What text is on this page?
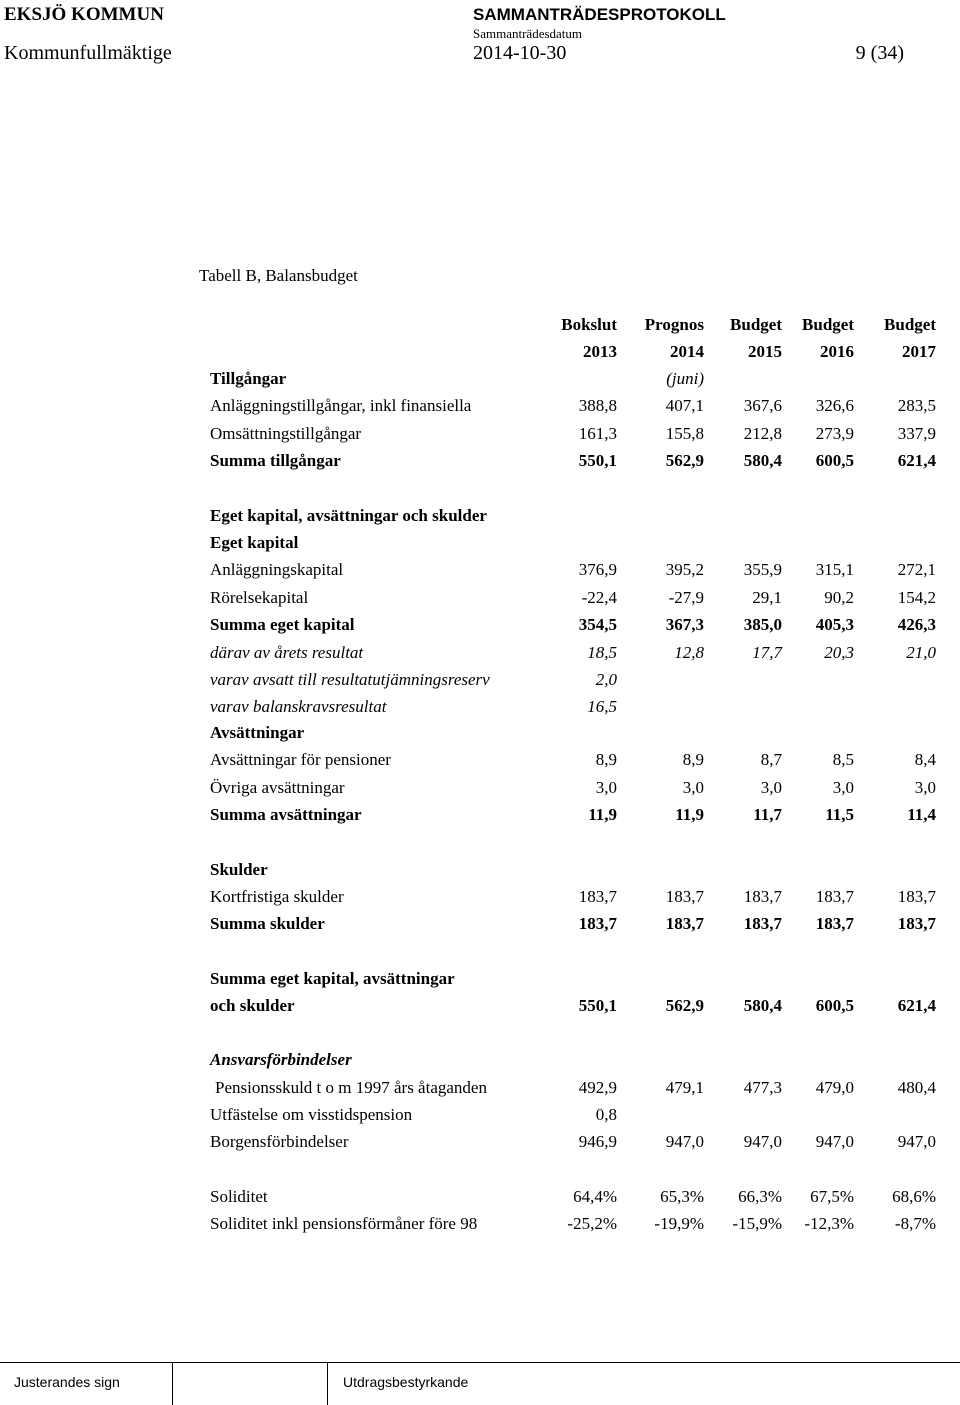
EKSJÖ KOMMUN	SAMMANTRÄDESPROTOKOLL
Sammanträdesdatum
Kommunfullmäktige	2014-10-30	9 (34)
Tabell B, Balansbudget
Bokslut Prognos Budget Budget Budget
2013	2014	2015 2016	2017
Tillgångar	(juni)
Anläggningstillgångar, inkl finansiella	388,8	407,1 367,6 326,6	283,5
Omsättningstillgångar	161,3	155,8 212,8 273,9	337,9
Summa tillgångar	550,1	562,9 580,4 600,5	621,4
Eget kapital, avsättningar och skulder
Eget kapital
Anläggningskapital	376,9	395,2 355,9 315,1	272,1
Rörelsekapital	-22,4	-27,9	29,1 90,2	154,2
Summa eget kapital	354,5	367,3 385,0 405,3	426,3
därav av årets resultat	18,5	12,8	17,7 20,3	21,0
varav avsatt till resultatutjämningsreserv	2,0
varav balanskravsresultat	16,5
Avsättningar
Avsättningar för pensioner	8,9	8,9	8,7	8,5	8,4
Övriga avsättningar	3,0	3,0	3,0	3,0	3,0
Summa avsättningar	11,9	11,9	11,7	11,5	11,4
Skulder
Kortfristiga skulder	183,7	183,7 183,7 183,7	183,7
Summa skulder	183,7	183,7 183,7 183,7	183,7
Summa eget kapital, avsättningar
och skulder	550,1	562,9 580,4 600,5	621,4
Ansvarsförbindelser
Pensionsskuld t o m 1997 års åtaganden	492,9	479,1 477,3 479,0	480,4
Utfästelse om visstidspension	0,8
Borgensförbindelser	946,9	947,0 947,0 947,0	947,0
Soliditet	64,4%	65,3% 66,3% 67,5% 68,6%
Soliditet inkl pensionsförmåner före 98	-25,2% -19,9% -15,9% -12,3% -8,7%
Justerandes sign	Utdragsbestyrkande
